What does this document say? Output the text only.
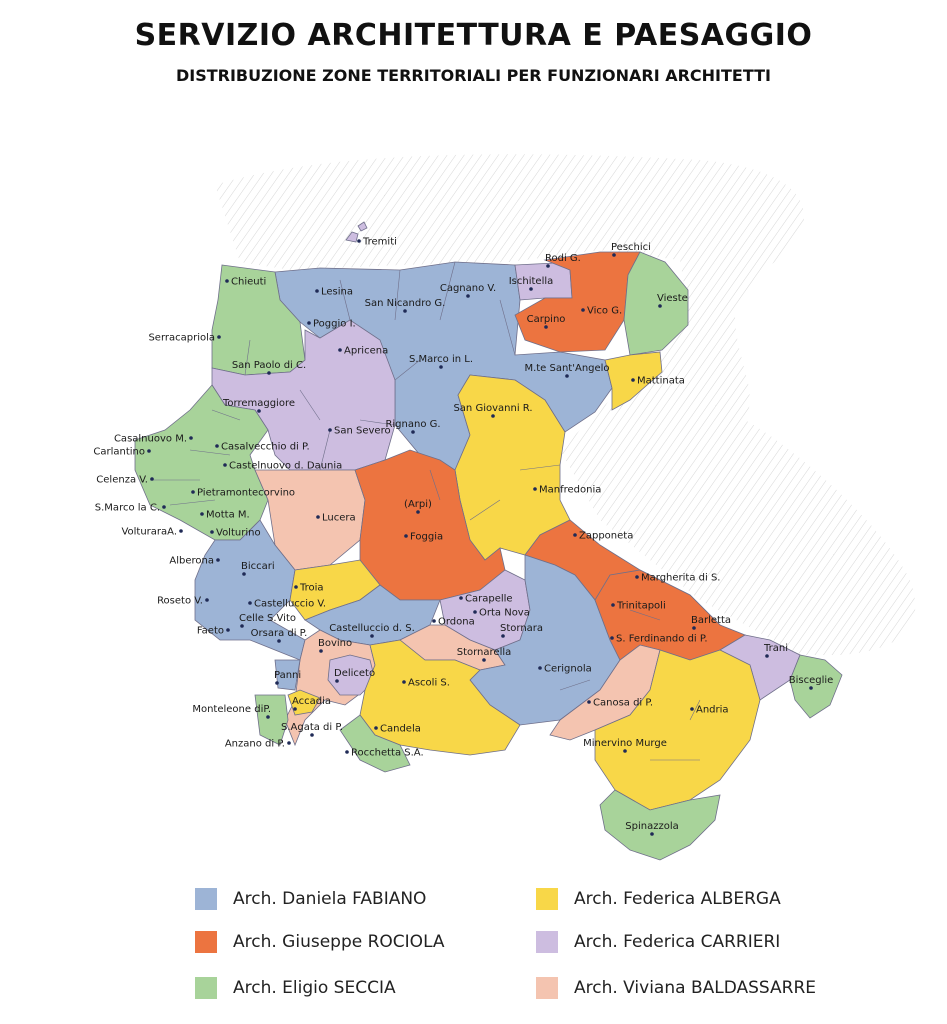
SERVIZIO ARCHITETTURA E PAESAGGIO
DISTRIBUZIONE ZONE TERRITORIALI PER FUNZIONARI ARCHITETTI
Tremiti
Rodi G.
Peschici
Chieuti
Lesina	Cagnano V.
Ischitella
Vieste
San Nicandro G.
Carpino
Vico G.
Poggio I.
Serracapriola
Apricena
S.Marco in L.
M.te Sant'Angelo
San Paolo di C.
Mattinata
Torremaggiore	San Giovanni R.
Rignano G.
Casalnuovo M.
San Severo
Casalvecchio di P.
Carlantino
Castelnuovo d. Daunia
Celenza V.
Manfredonia
Pietramontecorvino
(Arpi)
S.Marco la C.
Motta M.	Lucera
VolturaraA.	Volturino	Zapponeta
Foggia
Alberona	Biccari
Margherita di S.
Troia
Carapelle
Roseto V.	Castelluccio V.	Trinitapoli
Orta Nova
Celle S.Vito
Castelluccio d. S.
Ordona	Barletta
Faeto	Orsara di P.	Stornara
S. Ferdinando di P.
Bovino	Trani
Stornarella
Cerignola
Deliceto
Panni	Bisceglie
Ascoli S.
Monteleone diP.
Accadia	Canosa di P.
Andria
S.Agata di P.	Candela
Anzano di P.
Rocchetta S.A.
Minervino Murge
Spinazzola
Arch. Daniela FABIANO
Arch. Giuseppe ROCIOLA
Arch. Eligio SECCIA
Arch. Federica ALBERGA
Arch. Federica CARRIERI
Arch. Viviana BALDASSARRE
